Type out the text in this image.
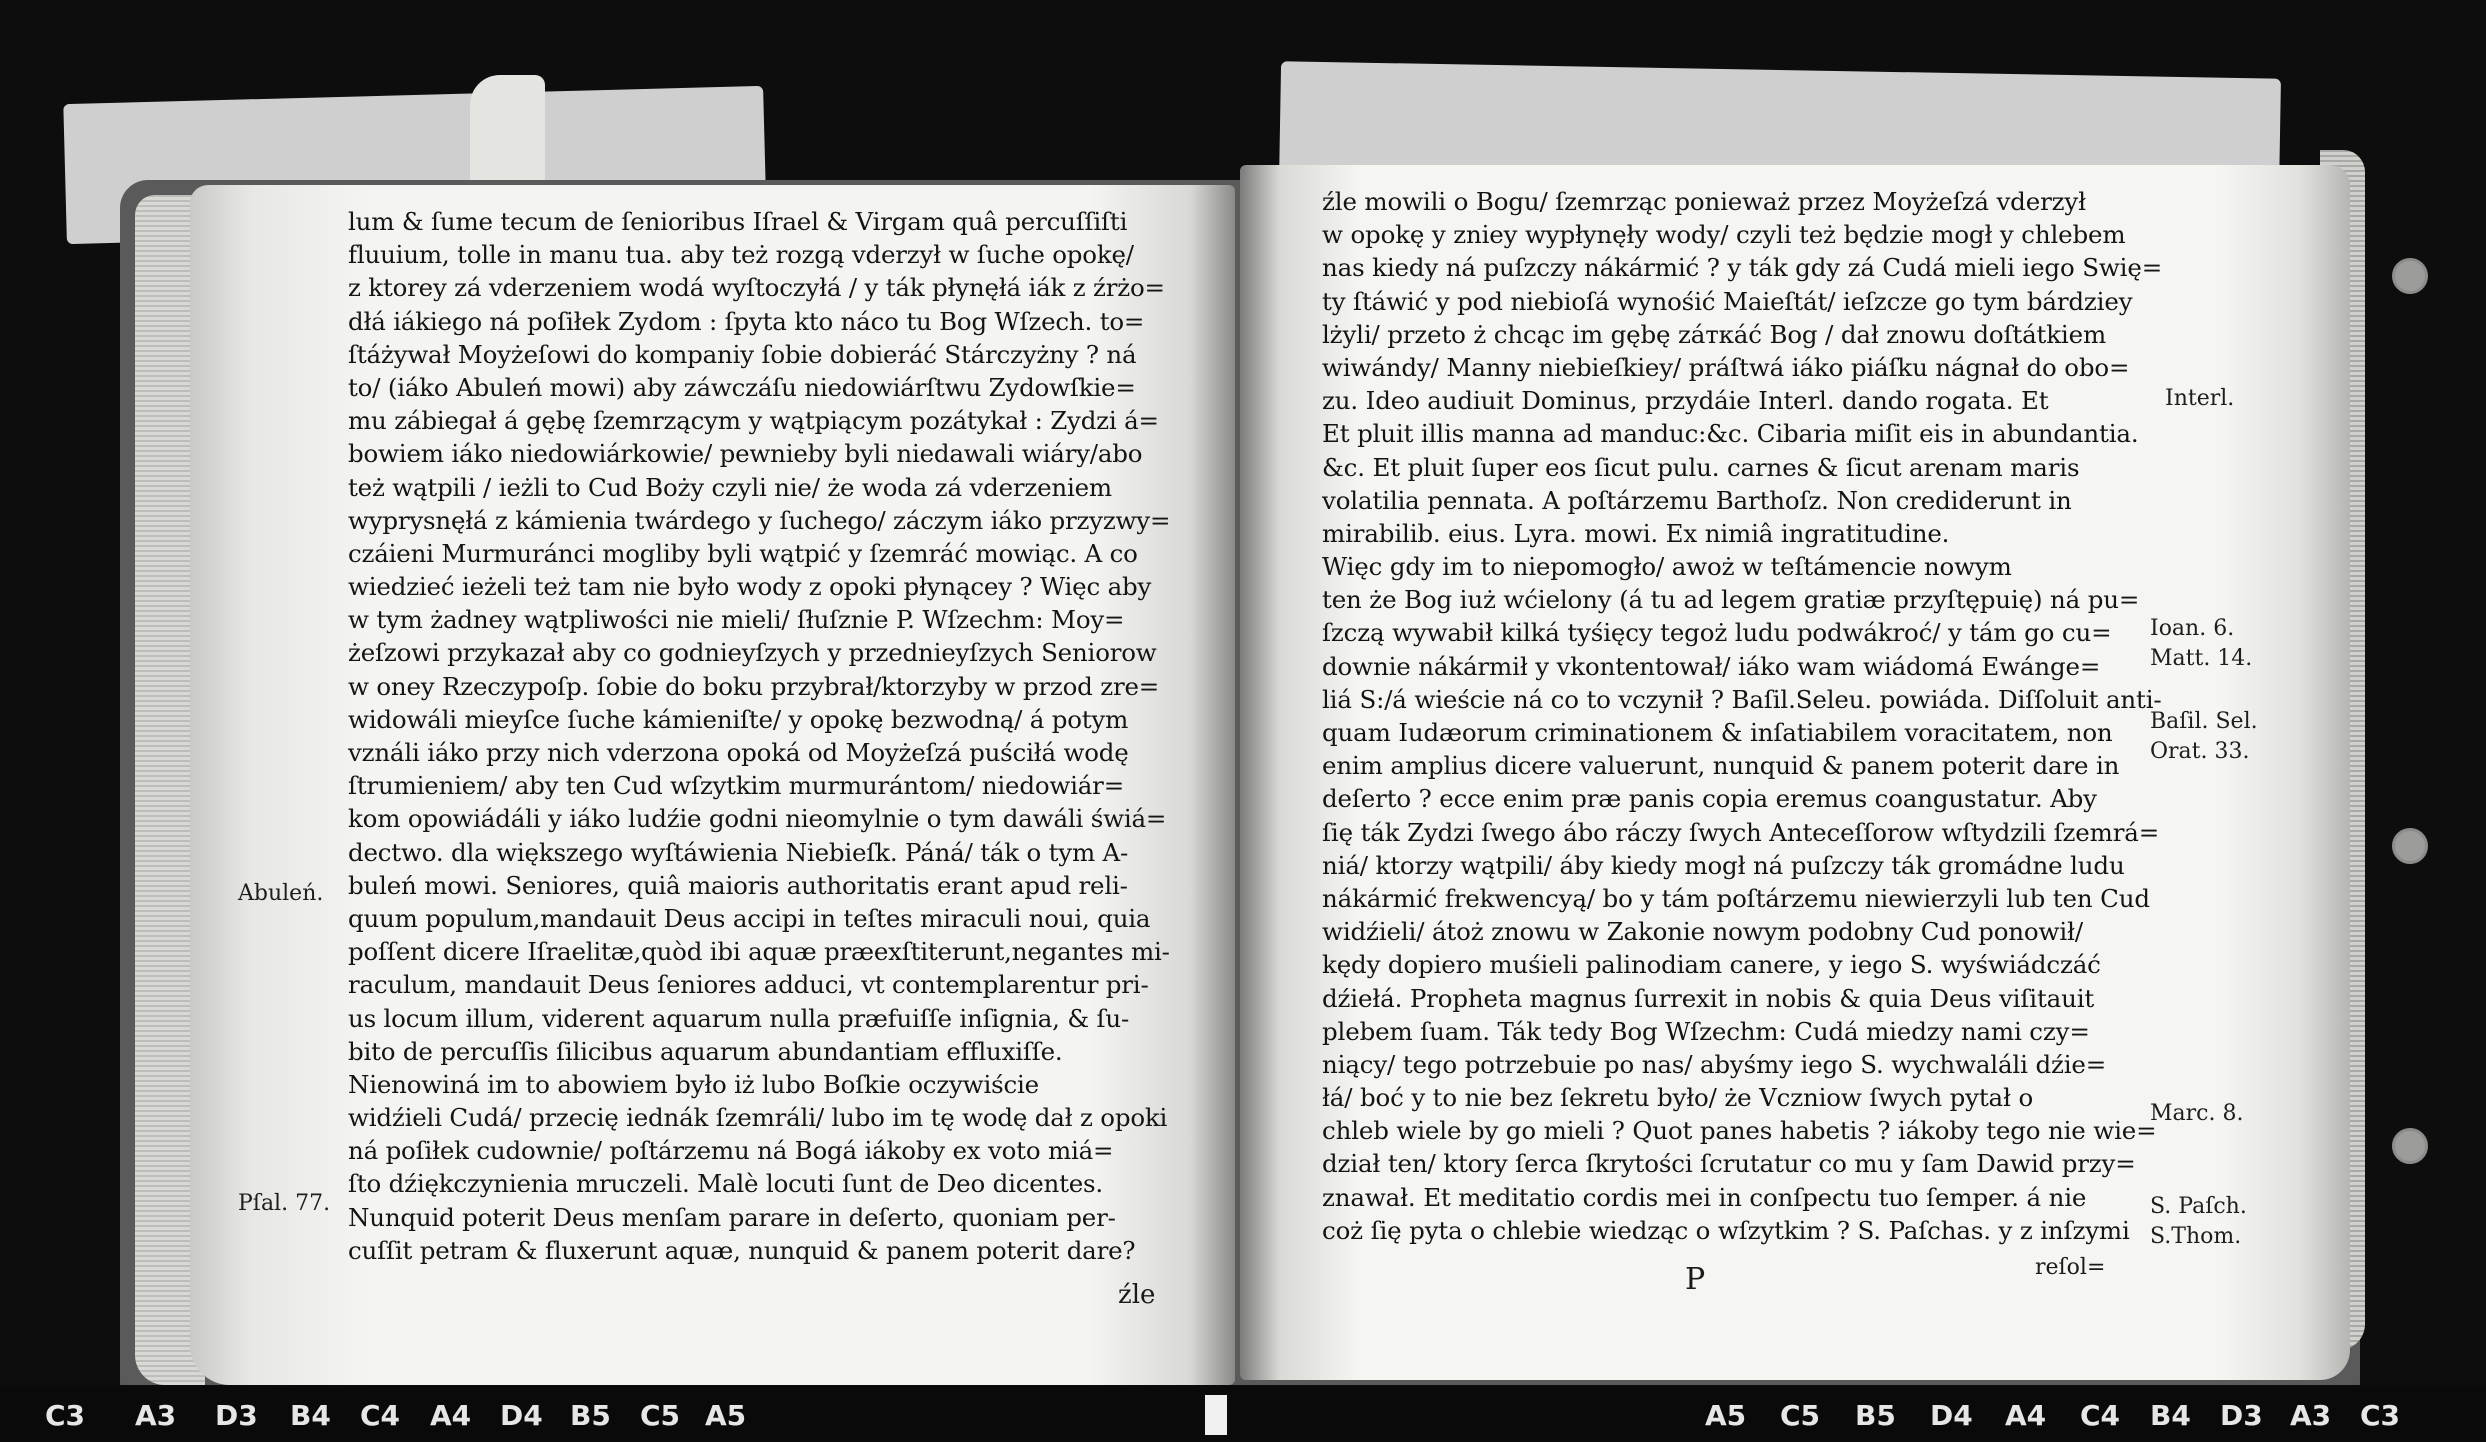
lum & ſume tecum de ſenioribus Iſrael & Virgam quâ percuſſiſti
fluuium, tolle in manu tua. aby też rozgą vderzył w ſuche opokę/
z ktorey zá vderzeniem wodá wyſtoczyłá / y ták płynęłá iák z źrżo=
dłá iákiego ná poſiłek Zydom : ſpyta kto náco tu Bog Wſzech. to=
ſtáżywał Moyżeſowi do kompaniy ſobie dobieráć Stárczyżny ? ná
to/ (iáko Abuleń mowi) aby záwczáſu niedowiárſtwu Zydowſkie=
mu zábiegał á gębę ſzemrzącym y wątpiącym pozátykał : Zydzi á=
bowiem iáko niedowiárkowie/ pewnieby byli niedawali wiáry/abo
też wątpili / ieżli to Cud Boży czyli nie/ że woda zá vderzeniem
wyprysnęłá z kámienia twárdego y ſuchego/ záczym iáko przyzwy=
czáieni Murmuránci mogliby byli wątpić y ſzemráć mowiąc. A co
wiedzieć ieżeli też tam nie było wody z opoki płynącey ? Więc aby
w tym żadney wątpliwości nie mieli/ ſłuſznie P. Wſzechm: Moy=
żeſzowi przykazał aby co godnieyſzych y przednieyſzych Seniorow
w oney Rzeczypoſp. ſobie do boku przybrał/ktorzyby w przod zre=
widowáli mieyſce ſuche kámieniſte/ y opokę bezwodną/ á potym
vználi iáko przy nich vderzona opoká od Moyżeſzá puściłá wodę
ſtrumieniem/ aby ten Cud wſzytkim murmurántom/ niedowiár=
kom opowiádáli y iáko ludźie godni nieomylnie o tym dawáli świá=
dectwo. dla większego wyſtáwienia Niebieſk. Páná/ ták o tym A-
buleń mowi. Seniores, quiâ maioris authoritatis erant apud reli-
quum populum,mandauit Deus accipi in teſtes miraculi noui, quia
poſſent dicere Iſraelitæ,quòd ibi aquæ præexſtiterunt,negantes mi-
raculum, mandauit Deus ſeniores adduci, vt contemplarentur pri-
us locum illum, viderent aquarum nulla præfuiſſe inſignia, & ſu-
bito de percuſſis ſilicibus aquarum abundantiam effluxiſſe.
Nienowiná im to abowiem było iż lubo Boſkie oczywiście
widźieli Cudá/ przecię iednák ſzemráli/ lubo im tę wodę dał z opoki
ná poſiłek cudownie/ poſtárzemu ná Bogá iákoby ex voto miá=
ſto dźiękczynienia mruczeli. Malè locuti ſunt de Deo dicentes.
Nunquid poterit Deus menſam parare in deſerto, quoniam per-
cuſſit petram & fluxerunt aquæ, nunquid & panem poterit dare?
Abuleń.
Pſal. 77.
źle
źle mowili o Bogu/ ſzemrząc ponieważ przez Moyżeſzá vderzył
w opokę y zniey wypłynęły wody/ czyli też będzie mogł y chlebem
nas kiedy ná puſzczy nákármić ? y ták gdy zá Cudá mieli iego Swię=
ty ſtáwić y pod niebioſá wynośić Maieſtát/ ieſzcze go tym bárdziey
lżyli/ przeto ż chcąc im gębę záткáć Bog / dał znowu doſtátkiem
wiwándy/ Manny niebieſkiey/ práſtwá iáko piáſku nágnał do obo=
zu. Ideo audiuit Dominus, przydáie Interl. dando rogata. Et
Et pluit illis manna ad manduc:&c. Cibaria miſit eis in abundantia.
&c. Et pluit ſuper eos ſicut pulu. carnes & ſicut arenam maris
volatilia pennata. A poſtárzemu Barthoſz. Non crediderunt in
mirabilib. eius. Lyra. mowi. Ex nimiâ ingratitudine.
Więc gdy im to niepomogło/ awoż w teſtámencie nowym
ten że Bog iuż wćielony (á tu ad legem gratiæ przyſtępuię) ná pu=
ſzczą wywabił kilká tyśięcy tegoż ludu podwákroć/ y tám go cu=
downie nákármił y vkontentował/ iáko wam wiádomá Ewánge=
liá S:/á wieście ná co to vczynił ? Baſil.Seleu. powiáda. Diſſoluit anti-
quam Iudæorum criminationem & inſatiabilem voracitatem, non
enim amplius dicere valuerunt, nunquid & panem poterit dare in
deſerto ? ecce enim præ panis copia eremus coangustatur. Aby
ſię ták Zydzi ſwego ábo ráczy ſwych Anteceſſorow wſtydzili ſzemrá=
niá/ ktorzy wątpili/ áby kiedy mogł ná puſzczy ták gromádne ludu
nákármić frekwencyą/ bo y tám poſtárzemu niewierzyli lub ten Cud
widźieli/ átoż znowu w Zakonie nowym podobny Cud ponowił/
kędy dopiero muśieli palinodiam canere, y iego S. wyświádczáć
dźiełá. Propheta magnus ſurrexit in nobis & quia Deus viſitauit
plebem ſuam. Ták tedy Bog Wſzechm: Cudá miedzy nami czy=
niący/ tego potrzebuie po nas/ abyśmy iego S. wychwaláli dźie=
łá/ boć y to nie bez ſekretu było/ że Vczniow ſwych pytał o
chleb wiele by go mieli ? Quot panes habetis ? iákoby tego nie wie=
dział ten/ ktory ſerca ſkrytości ſcrutatur co mu y ſam Dawid przy=
znawał. Et meditatio cordis mei in conſpectu tuo ſemper. á nie
coż ſię pyta o chlebie wiedząc o wſzytkim ? S. Paſchas. y z inſzymi
Interl.
Ioan. 6.
Matt. 14.
Baſil. Sel.
Orat. 33.
Marc. 8.
S. Paſch.
S.Thom.
P	reſol=
C3 A3 D3 B4 C4 A4 D4 B5 C5 A5	A5 C5 B5 D4 A4 C4 B4 D3 A3 C3
